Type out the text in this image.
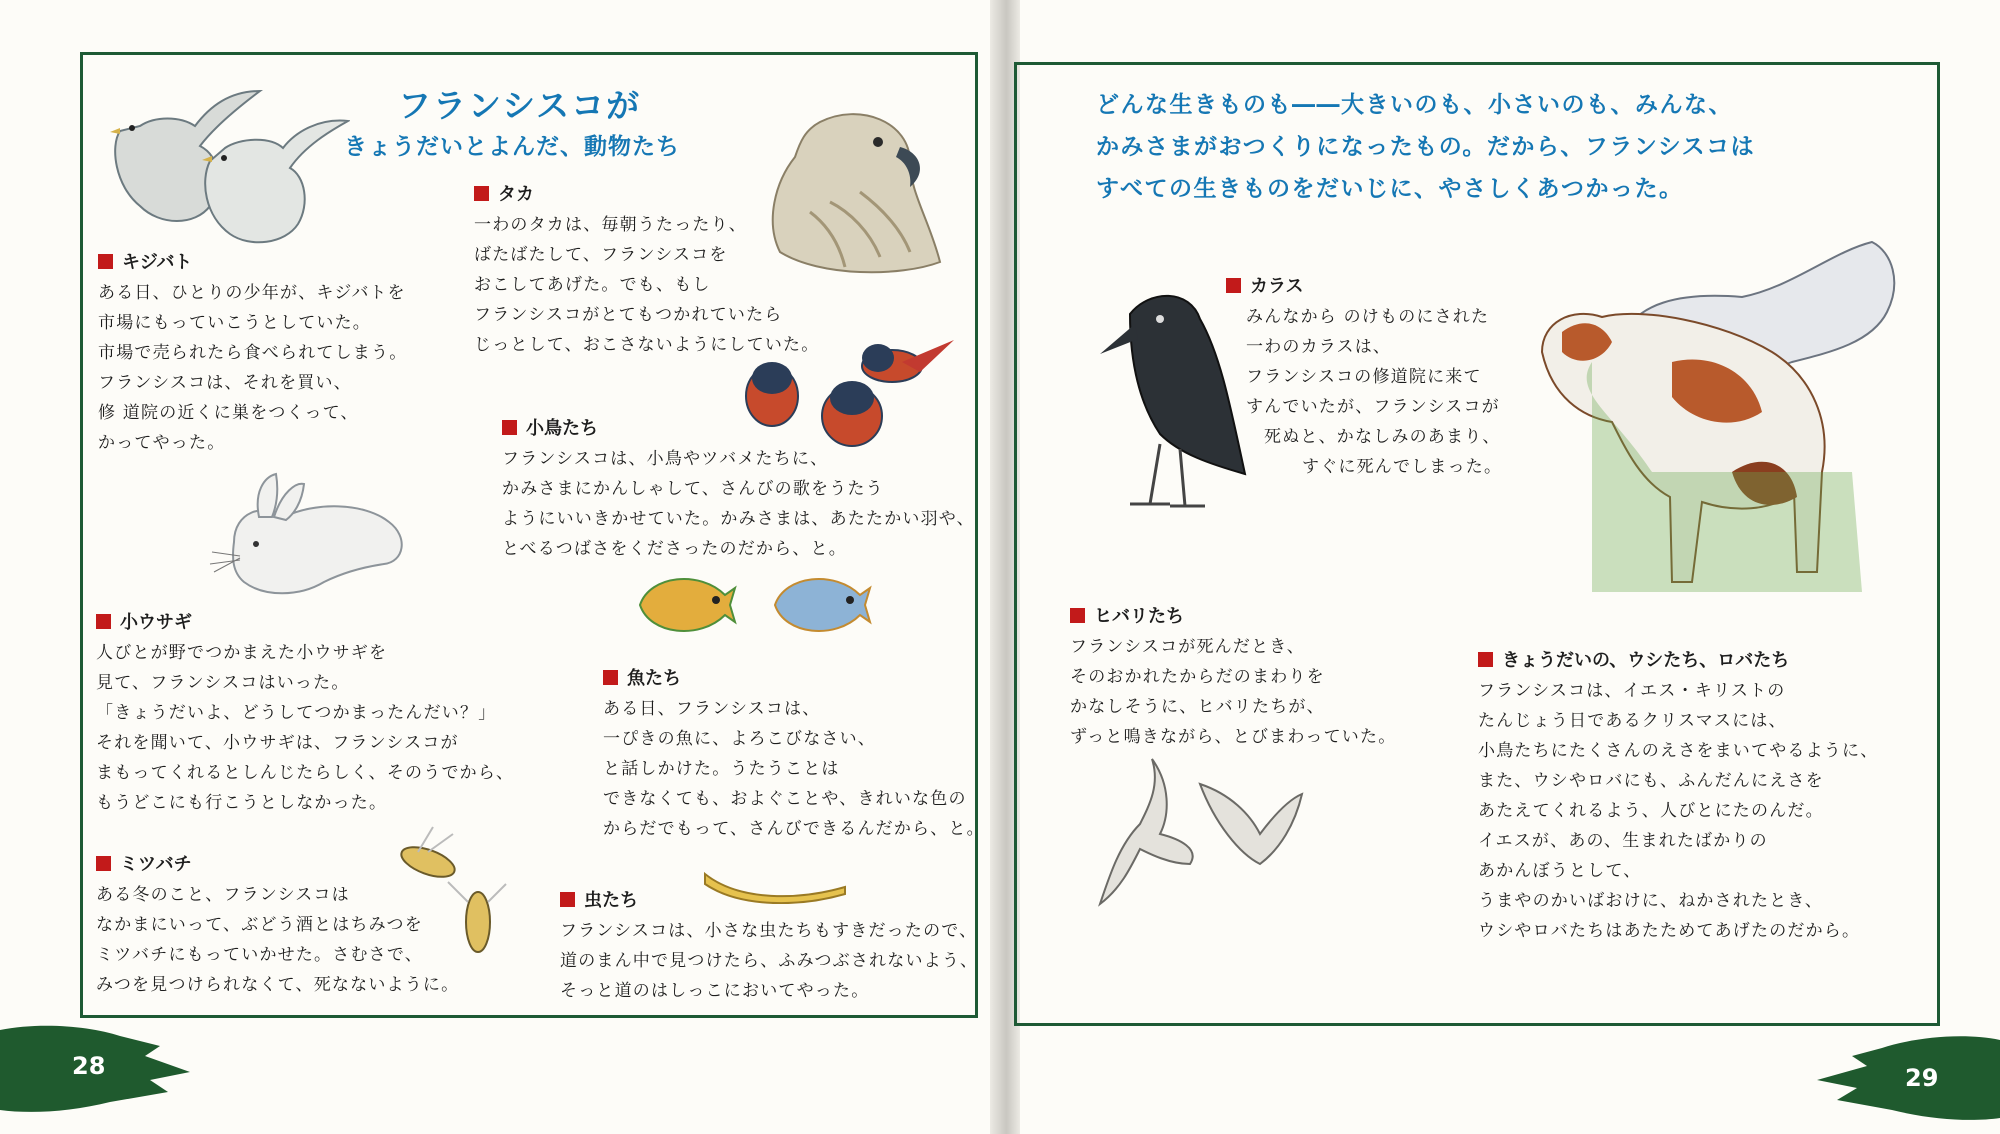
フランシスコが
きょうだいとよんだ、動物たち
キジバト

ある日、ひとりの少年が、キジバトを

市場にもっていこうとしていた。

市場で売られたら食べられてしまう。

フランシスコは、それを買い、

修 道院の近くに巣をつくって、

かってやった。

タカ

一わのタカは、毎朝うたったり、

ばたばたして、フランシスコを

おこしてあげた。でも、もし

フランシスコがとてもつかれていたら

じっとして、おこさないようにしていた。

小鳥たち

フランシスコは、小鳥やツバメたちに、

かみさまにかんしゃして、さんびの歌をうたう

ようにいいきかせていた。かみさまは、あたたかい羽や、

とべるつばさをくださったのだから、と。

小ウサギ

人びとが野でつかまえた小ウサギを

見て、フランシスコはいった。

「きょうだいよ、どうしてつかまったんだい？」

それを聞いて、小ウサギは、フランシスコが

まもってくれるとしんじたらしく、そのうでから、

もうどこにも行こうとしなかった。

魚たち

ある日、フランシスコは、

一ぴきの魚に、よろこびなさい、

と話しかけた。うたうことは

できなくても、およぐことや、きれいな色の

からだでもって、さんびできるんだから、と。

ミツバチ

ある冬のこと、フランシスコは

なかまにいって、ぶどう酒とはちみつを

ミツバチにもっていかせた。さむさで、

みつを見つけられなくて、死なないように。

虫たち

フランシスコは、小さな虫たちもすきだったので、

道のまん中で見つけたら、ふみつぶされないよう、

そっと道のはしっこにおいてやった。

どんな生きものも――大きいのも、小さいのも、みんな、

かみさまがおつくりになったもの。だから、フランシスコは

すべての生きものをだいじに、やさしくあつかった。

カラス

みんなから のけものにされた

一わのカラスは、

フランシスコの修道院に来て

すんでいたが、フランシスコが

死ぬと、かなしみのあまり、

すぐに死んでしまった。

ヒバリたち

フランシスコが死んだとき、

そのおかれたからだのまわりを

かなしそうに、ヒバリたちが、

ずっと鳴きながら、とびまわっていた。

きょうだいの、ウシたち、ロバたち

フランシスコは、イエス・キリストの

たんじょう日であるクリスマスには、

小鳥たちにたくさんのえさをまいてやるように、

また、ウシやロバにも、ふんだんにえさを

あたえてくれるよう、人びとにたのんだ。

イエスが、あの、生まれたばかりの

あかんぼうとして、

うまやのかいばおけに、ねかされたとき、

ウシやロバたちはあたためてあげたのだから。

28	29
